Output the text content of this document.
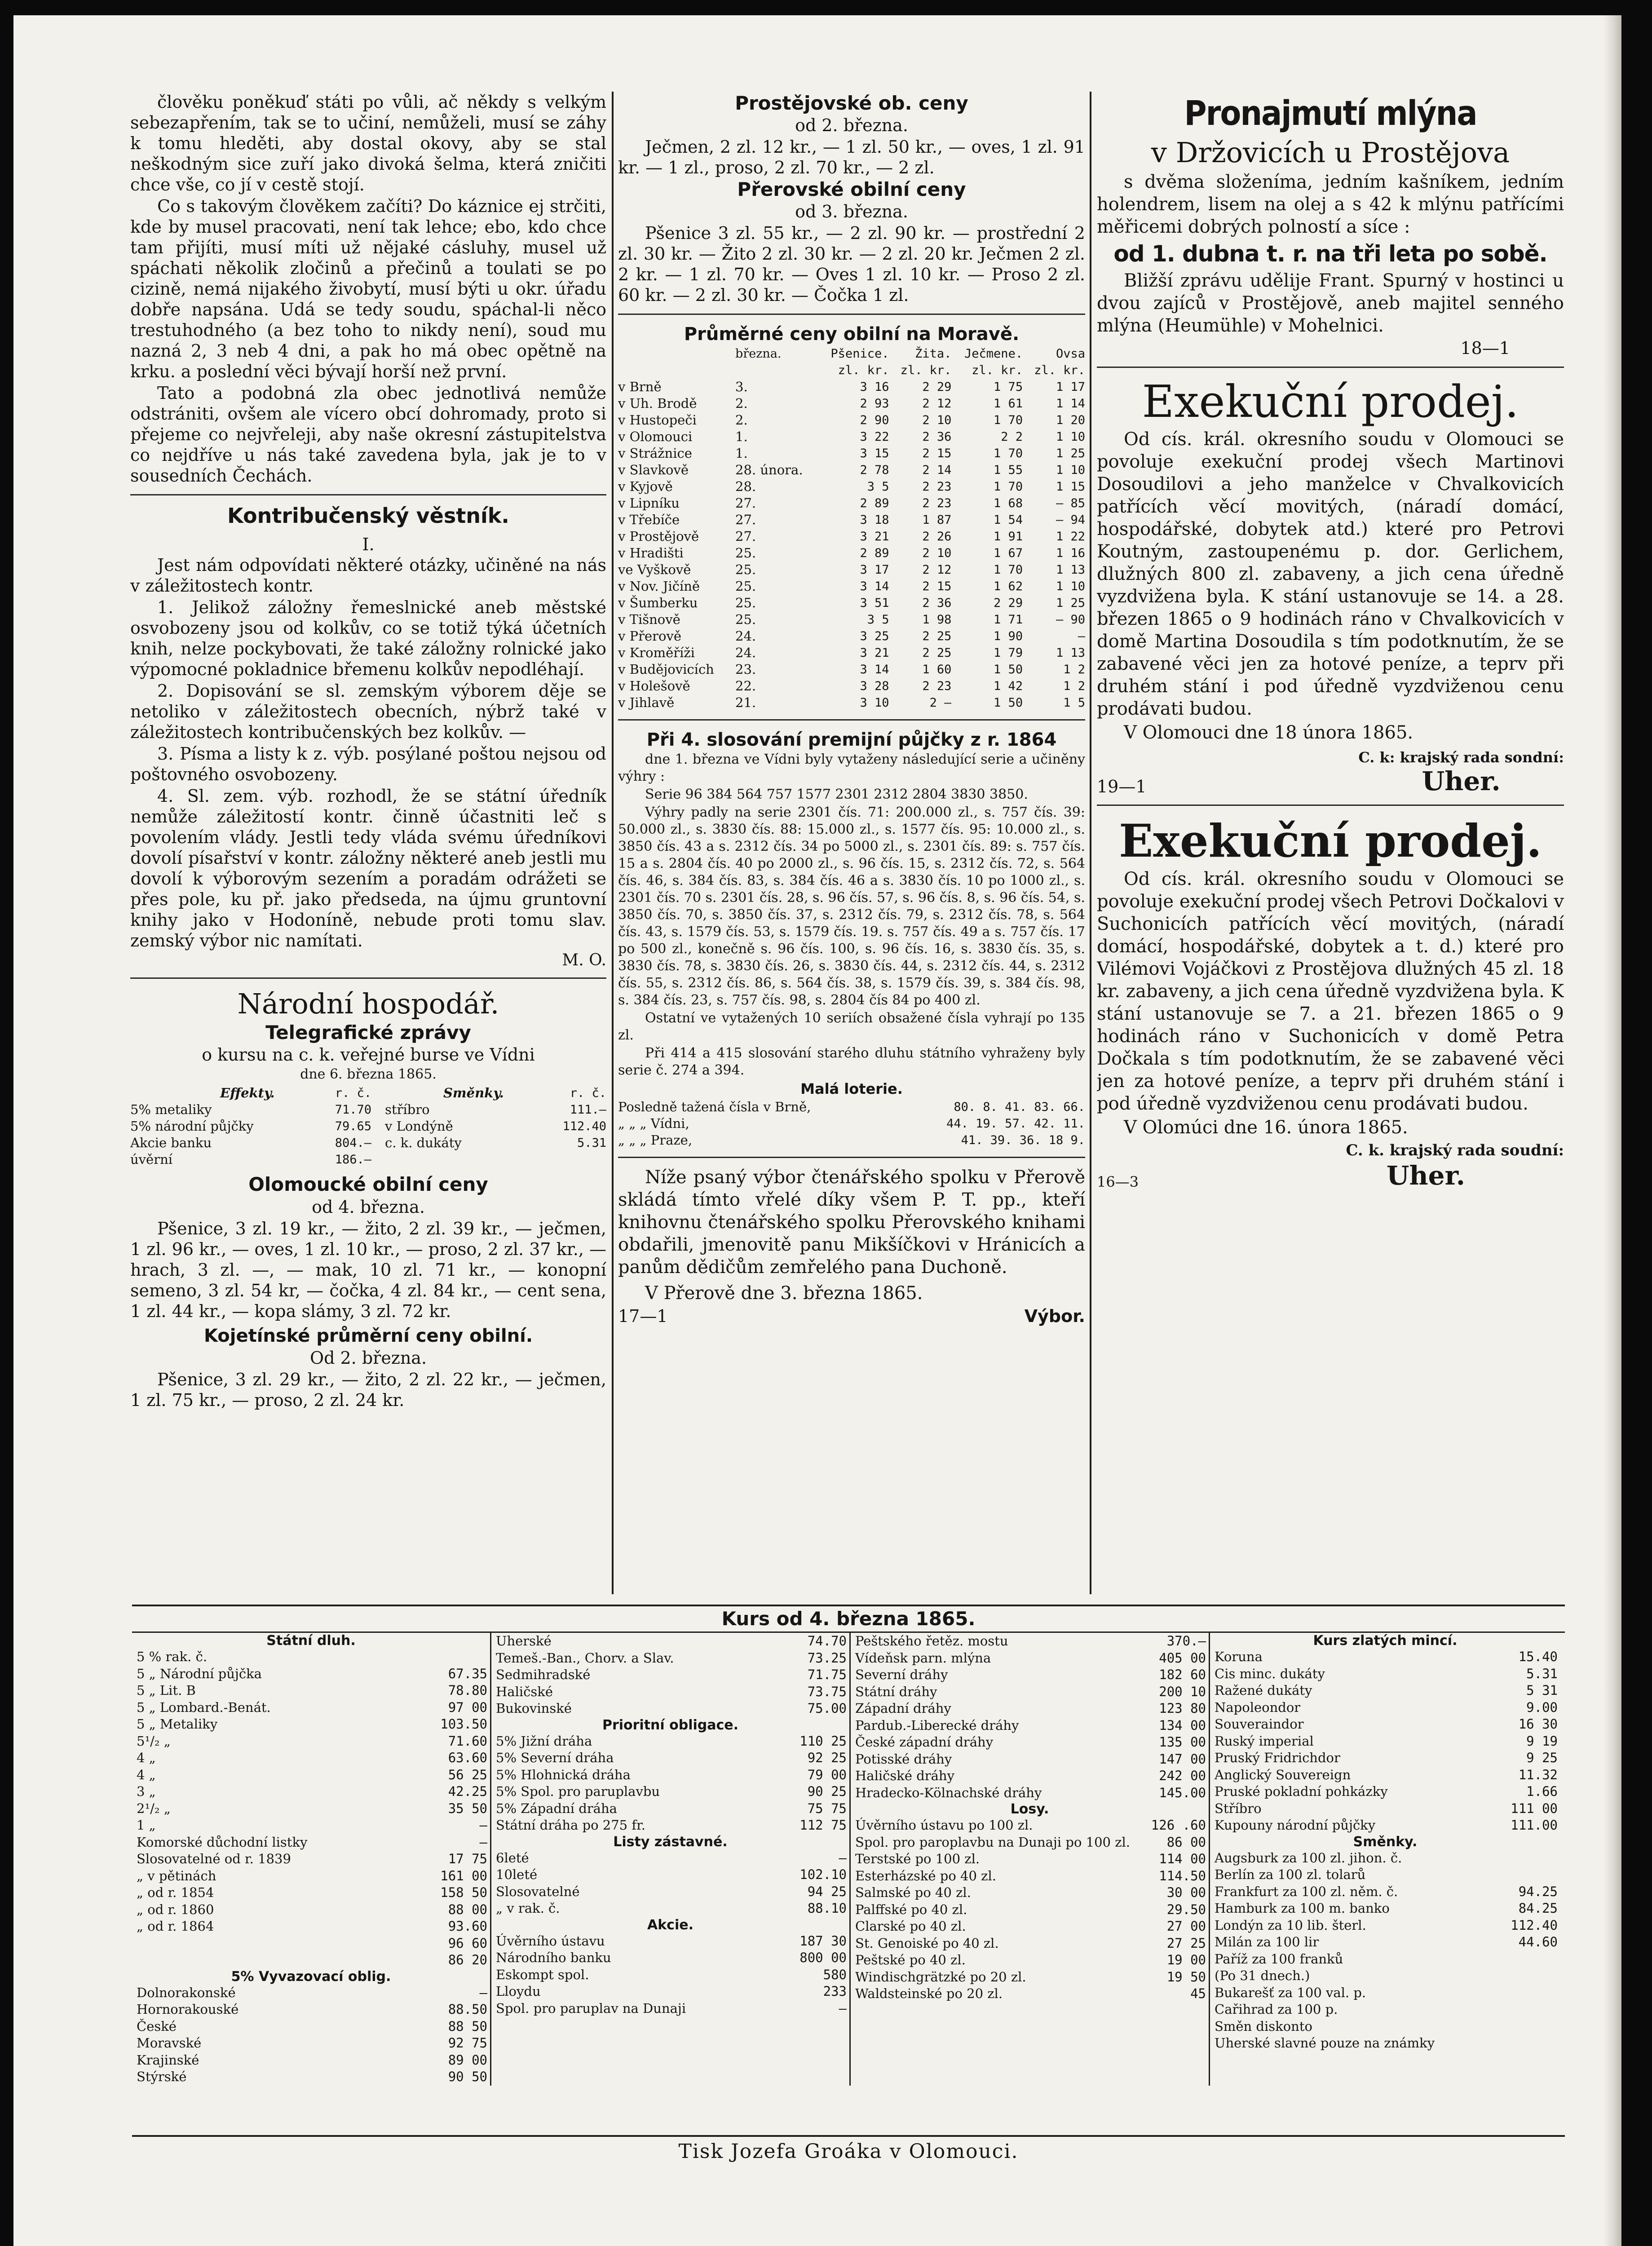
člověku poněkuď státi po vůli, ač někdy s velkým sebezapřením, tak se to učiní, nemůželi, musí se záhy k tomu hleděti, aby dostal okovy, aby se stal neškodným sice zuří jako divoká šelma, která zničiti chce vše, co jí v cestě stojí.
Co s takovým člověkem začíti? Do káznice ej strčiti, kde by musel pracovati, není tak lehce; ebo, kdo chce tam přijíti, musí míti už nějaké cásluhy, musel už spáchati několik zločinů a přečinů a toulati se po cizině, nemá nijakého živobytí, musí býti u okr. úřadu dobře napsána. Udá se tedy soudu, spáchal-li něco trestuhodného (a bez toho to nikdy není), soud mu nazná 2, 3 neb 4 dni, a pak ho má obec opětně na krku. a poslední věci bývají horší než první.
Tato a podobná zla obec jednotlivá nemůže odstrániti, ovšem ale vícero obcí dohromady, proto si přejeme co nejvřeleji, aby naše okresní zástupitelstva co nejdříve u nás také zavedena byla, jak je to v sousedních Čechách.
Kontribučenský věstník.
I.
Jest nám odpovídati některé otázky, učiněné na nás v záležitostech kontr.
1. Jelikož záložny řemeslnické aneb městské osvobozeny jsou od kolkův, co se totiž týká účetních knih, nelze pockybovati, že také záložny rolnické jako výpomocné pokladnice břemenu kolkův nepodléhají.
2. Dopisování se sl. zemským výborem děje se netoliko v záležitostech obecních, nýbrž také v záležitostech kontribučenských bez kolkův. —
3. Písma a listy k z. výb. posýlané poštou nejsou od poštovného osvobozeny.
4. Sl. zem. výb. rozhodl, že se státní úředník nemůže záležitostí kontr. činně účastniti leč s povolením vlády. Jestli tedy vláda svému úředníkovi dovolí písařství v kontr. záložny některé aneb jestli mu dovolí k výborovým sezením a poradám odrážeti se přes pole, ku př. jako předseda, na újmu gruntovní knihy jako v Hodoníně, nebude proti tomu slav. zemský výbor nic namítati.
M. O.
Národní hospodář.
Telegrafické zprávy
o kursu na c. k. veřejné burse ve Vídni
dne 6. března 1865.
Effekty.	r. č.	Směnky.	r. č.
5% metaliky	71.70	stříbro	111.—
5% národní půjčky	79.65	v Londýně	112.40
Akcie banku	804.—	c. k. dukáty	5.31
úvěrní	186.—		
Olomoucké obilní ceny
od 4. března.
Pšenice, 3 zl. 19 kr., — žito, 2 zl. 39 kr., — ječmen, 1 zl. 96 kr., — oves, 1 zl. 10 kr., — proso, 2 zl. 37 kr., — hrach, 3 zl. —, — mak, 10 zl. 71 kr., — konopní semeno, 3 zl. 54 kr, — čočka, 4 zl. 84 kr., — cent sena, 1 zl. 44 kr., — kopa slámy, 3 zl. 72 kr.
Kojetínské průměrní ceny obilní.
Od 2. března.
Pšenice, 3 zl. 29 kr., — žito, 2 zl. 22 kr., — ječmen, 1 zl. 75 kr., — proso, 2 zl. 24 kr.
Prostějovské ob. ceny
od 2. března.
Ječmen, 2 zl. 12 kr., — 1 zl. 50 kr., — oves, 1 zl. 91 kr. — 1 zl., proso, 2 zl. 70 kr., — 2 zl.
Přerovské obilní ceny
od 3. března.
Pšenice 3 zl. 55 kr., — 2 zl. 90 kr. — prostřední 2 zl. 30 kr. — Žito 2 zl. 30 kr. — 2 zl. 20 kr. Ječmen 2 zl. 2 kr. — 1 zl. 70 kr. — Oves 1 zl. 10 kr. — Proso 2 zl. 60 kr. — 2 zl. 30 kr. — Čočka 1 zl.
Průměrné ceny obilní na Moravě.
	března.	Pšenice.	Žita.	Ječmene.	Ovsa
		zl. kr.	zl. kr.	zl. kr.	zl. kr.
v Brně	3.	3 16	2 29	1 75	1 17
v Uh. Brodě	2.	2 93	2 12	1 61	1 14
v Hustopeči	2.	2 90	2 10	1 70	1 20
v Olomouci	1.	3 22	2 36	2 2	1 10
v Strážnice	1.	3 15	2 15	1 70	1 25
v Slavkově	28. února.	2 78	2 14	1 55	1 10
v Kyjově	28.	3 5	2 23	1 70	1 15
v Lipníku	27.	2 89	2 23	1 68	— 85
v Třebíče	27.	3 18	1 87	1 54	— 94
v Prostějově	27.	3 21	2 26	1 91	1 22
v Hradišti	25.	2 89	2 10	1 67	1 16
ve Vyškově	25.	3 17	2 12	1 70	1 13
v Nov. Jičíně	25.	3 14	2 15	1 62	1 10
v Šumberku	25.	3 51	2 36	2 29	1 25
v Tišnově	25.	3 5	1 98	1 71	— 90
v Přerově	24.	3 25	2 25	1 90	—
v Kroměříži	24.	3 21	2 25	1 79	1 13
v Budějovicích	23.	3 14	1 60	1 50	1 2
v Holešově	22.	3 28	2 23	1 42	1 2
v Jihlavě	21.	3 10	2 —	1 50	1 5
Při 4. slosování premijní půjčky z r. 1864
dne 1. března ve Vídni byly vytaženy následující serie a učiněny výhry :
Serie 96 384 564 757 1577 2301 2312 2804 3830 3850.
Výhry padly na serie 2301 čís. 71: 200.000 zl., s. 757 čís. 39: 50.000 zl., s. 3830 čís. 88: 15.000 zl., s. 1577 čís. 95: 10.000 zl., s. 3850 čís. 43 a s. 2312 čís. 34 po 5000 zl., s. 2301 čís. 89: s. 757 čís. 15 a s. 2804 čís. 40 po 2000 zl., s. 96 čís. 15, s. 2312 čís. 72, s. 564 čís. 46, s. 384 čís. 83, s. 384 čís. 46 a s. 3830 čís. 10 po 1000 zl., s. 2301 čís. 70 s. 2301 čís. 28, s. 96 čís. 57, s. 96 čís. 8, s. 96 čís. 54, s. 3850 čís. 70, s. 3850 čís. 37, s. 2312 čís. 79, s. 2312 čís. 78, s. 564 čís. 43, s. 1579 čís. 53, s. 1579 čís. 19. s. 757 čís. 49 a s. 757 čís. 17 po 500 zl., konečně s. 96 čís. 100, s. 96 čís. 16, s. 3830 čís. 35, s. 3830 čís. 78, s. 3830 čís. 26, s. 3830 čís. 44, s. 2312 čís. 44, s. 2312 čís. 55, s. 2312 čís. 86, s. 564 čís. 38, s. 1579 čís. 39, s. 384 čís. 98, s. 384 čís. 23, s. 757 čís. 98, s. 2804 čís 84 po 400 zl.
Ostatní ve vytažených 10 seriích obsažené čísla vyhrají po 135 zl.
Při 414 a 415 slosování starého dluhu státního vyhraženy byly serie č. 274 a 394.
Malá loterie.
Posledně tažená čísla v Brně,	80. 8. 41. 83. 66.
„ „ „ Vídni,	44. 19. 57. 42. 11.
„ „ „ Praze,	41. 39. 36. 18 9.
Níže psaný výbor čtenářského spolku v Přerově skládá tímto vřelé díky všem P. T. pp., kteří knihovnu čtenářského spolku Přerovského knihami obdařili, jmenovitě panu Mikšíčkovi v Hránicích a panům dědičům zemřelého pana Duchoně.
V Přerově dne 3. března 1865.
17—1	Výbor.
Pronajmutí mlýna
v Držovicích u Prostějova
s dvěma složeníma, jedním kašníkem, jedním holendrem, lisem na olej a s 42 k mlýnu patřícími měřicemi dobrých polností a síce :
od 1. dubna t. r. na tři leta po sobě.
Bližší zprávu udělije Frant. Spurný v hostinci u dvou zajíců v Prostějově, aneb majitel senného mlýna (Heumühle) v Mohelnici.
18—1
Exekuční prodej.
Od cís. král. okresního soudu v Olomouci se povoluje exekuční prodej všech Martinovi Dosoudilovi a jeho manželce v Chvalkovicích patřících věcí movitých, (náradí domácí, hospodářské, dobytek atd.) které pro Petrovi Koutným, zastoupenému p. dor. Gerlichem, dlužných 800 zl. zabaveny, a jich cena úředně vyzdvižena byla. K stání ustanovuje se 14. a 28. březen 1865 o 9 hodinách ráno v Chvalkovicích v domě Martina Dosoudila s tím podotknutím, že se zabavené věci jen za hotové peníze, a teprv při druhém stání i pod úředně vyzdviženou cenu prodávati budou.
V Olomouci dne 18 února 1865.
19—1
C. k: krajský rada sondní:
Uher.
Exekuční prodej.
Od cís. král. okresního soudu v Olomouci se povoluje exekuční prodej všech Petrovi Dočkalovi v Suchonicích patřících věcí movitých, (náradí domácí, hospodářské, dobytek a t. d.) které pro Vilémovi Vojáčkovi z Prostějova dlužných 45 zl. 18 kr. zabaveny, a jich cena úředně vyzdvižena byla. K stání ustanovuje se 7. a 21. březen 1865 o 9 hodinách ráno v Suchonicích v domě Petra Dočkala s tím podotknutím, že se zabavené věci jen za hotové peníze, a teprv při druhém stání i pod úředně vyzdviženou cenu prodávati budou.
V Olomúci dne 16. února 1865.
C. k. krajský rada soudní:
16—3	Uher.
Kurs od 4. března 1865.
Státní dluh.
5 % rak. č.	
5 „ Národní půjčka	67.35
5 „ Lit. B	78.80
5 „ Lombard.-Benát.	97 00
5 „ Metaliky	103.50
5¹/₂ „	71.60
4 „	63.60
4 „	56 25
3 „	42.25
2¹/₂ „	35 50
1 „	—
Komorské důchodní listky	—
Slosovatelné od r. 1839	17 75
„ v pětinách	161 00
„ od r. 1854	158 50
„ od r. 1860	88 00
„ od r. 1864	93.60
	96 60
	86 20
5% Vyvazovací oblig.
Dolnorakonské	—
Hornorakouské	88.50
České	88 50
Moravské	92 75
Krajinské	89 00
Stýrské	90 50
Uherské	74.70
Temeš.-Ban., Chorv. a Slav.	73.25
Sedmihradské	71.75
Haličské	73.75
Bukovinské	75.00
Prioritní obligace.
5% Jižní dráha	110 25
5% Severní dráha	92 25
5% Hlohnická dráha	79 00
5% Spol. pro paruplavbu	90 25
5% Západní dráha	75 75
Státní dráha po 275 fr.	112 75
Listy zástavné.
6leté	—
10leté	102.10
Slosovatelné	94 25
„ v rak. č.	88.10
Akcie.
Úvěrního ústavu	187 30
Národního banku	800 00
Eskompt spol.	580
Lloydu	233
Spol. pro paruplav na Dunaji	—
Peštského řetěz. mostu	370.—
Vídeňsk parn. mlýna	405 00
Severní dráhy	182 60
Státní dráhy	200 10
Západní dráhy	123 80
Pardub.-Liberecké dráhy	134 00
České západní dráhy	135 00
Potisské dráhy	147 00
Haličské dráhy	242 00
Hradecko-Kölnachské dráhy	145.00
Losy.
Úvěrního ústavu po 100 zl.	126 .60
Spol. pro paroplavbu na Dunaji po 100 zl.	86 00
Terstské po 100 zl.	114 00
Esterházské po 40 zl.	114.50
Salmské po 40 zl.	30 00
Palffské po 40 zl.	29.50
Clarské po 40 zl.	27 00
St. Genoiské po 40 zl.	27 25
Peštské po 40 zl.	19 00
Windischgrätzké po 20 zl.	19 50
Waldsteinské po 20 zl.	45
Kurs zlatých mincí.
Koruna	15.40
Cis minc. dukáty	5.31
Ražené dukáty	5 31
Napoleondor	9.00
Souveraindor	16 30
Ruský imperial	9 19
Pruský Fridrichdor	9 25
Anglický Souvereign	11.32
Pruské pokladní pohkázky	1.66
Stříbro	111 00
Kupouny národní půjčky	111.00
Směnky.
Augsburk za 100 zl. jihon. č.	
Berlín za 100 zl. tolarů	
Frankfurt za 100 zl. něm. č.	94.25
Hamburk za 100 m. banko	84.25
Londýn za 10 lib. šterl.	112.40
Milán za 100 lir	44.60
Paříž za 100 franků	
(Po 31 dnech.)	
Bukarešť za 100 val. p.	
Cařihrad za 100 p.	
Směn diskonto	
Uherské slavné pouze na známky	
Tisk Jozefa Groáka v Olomouci.
